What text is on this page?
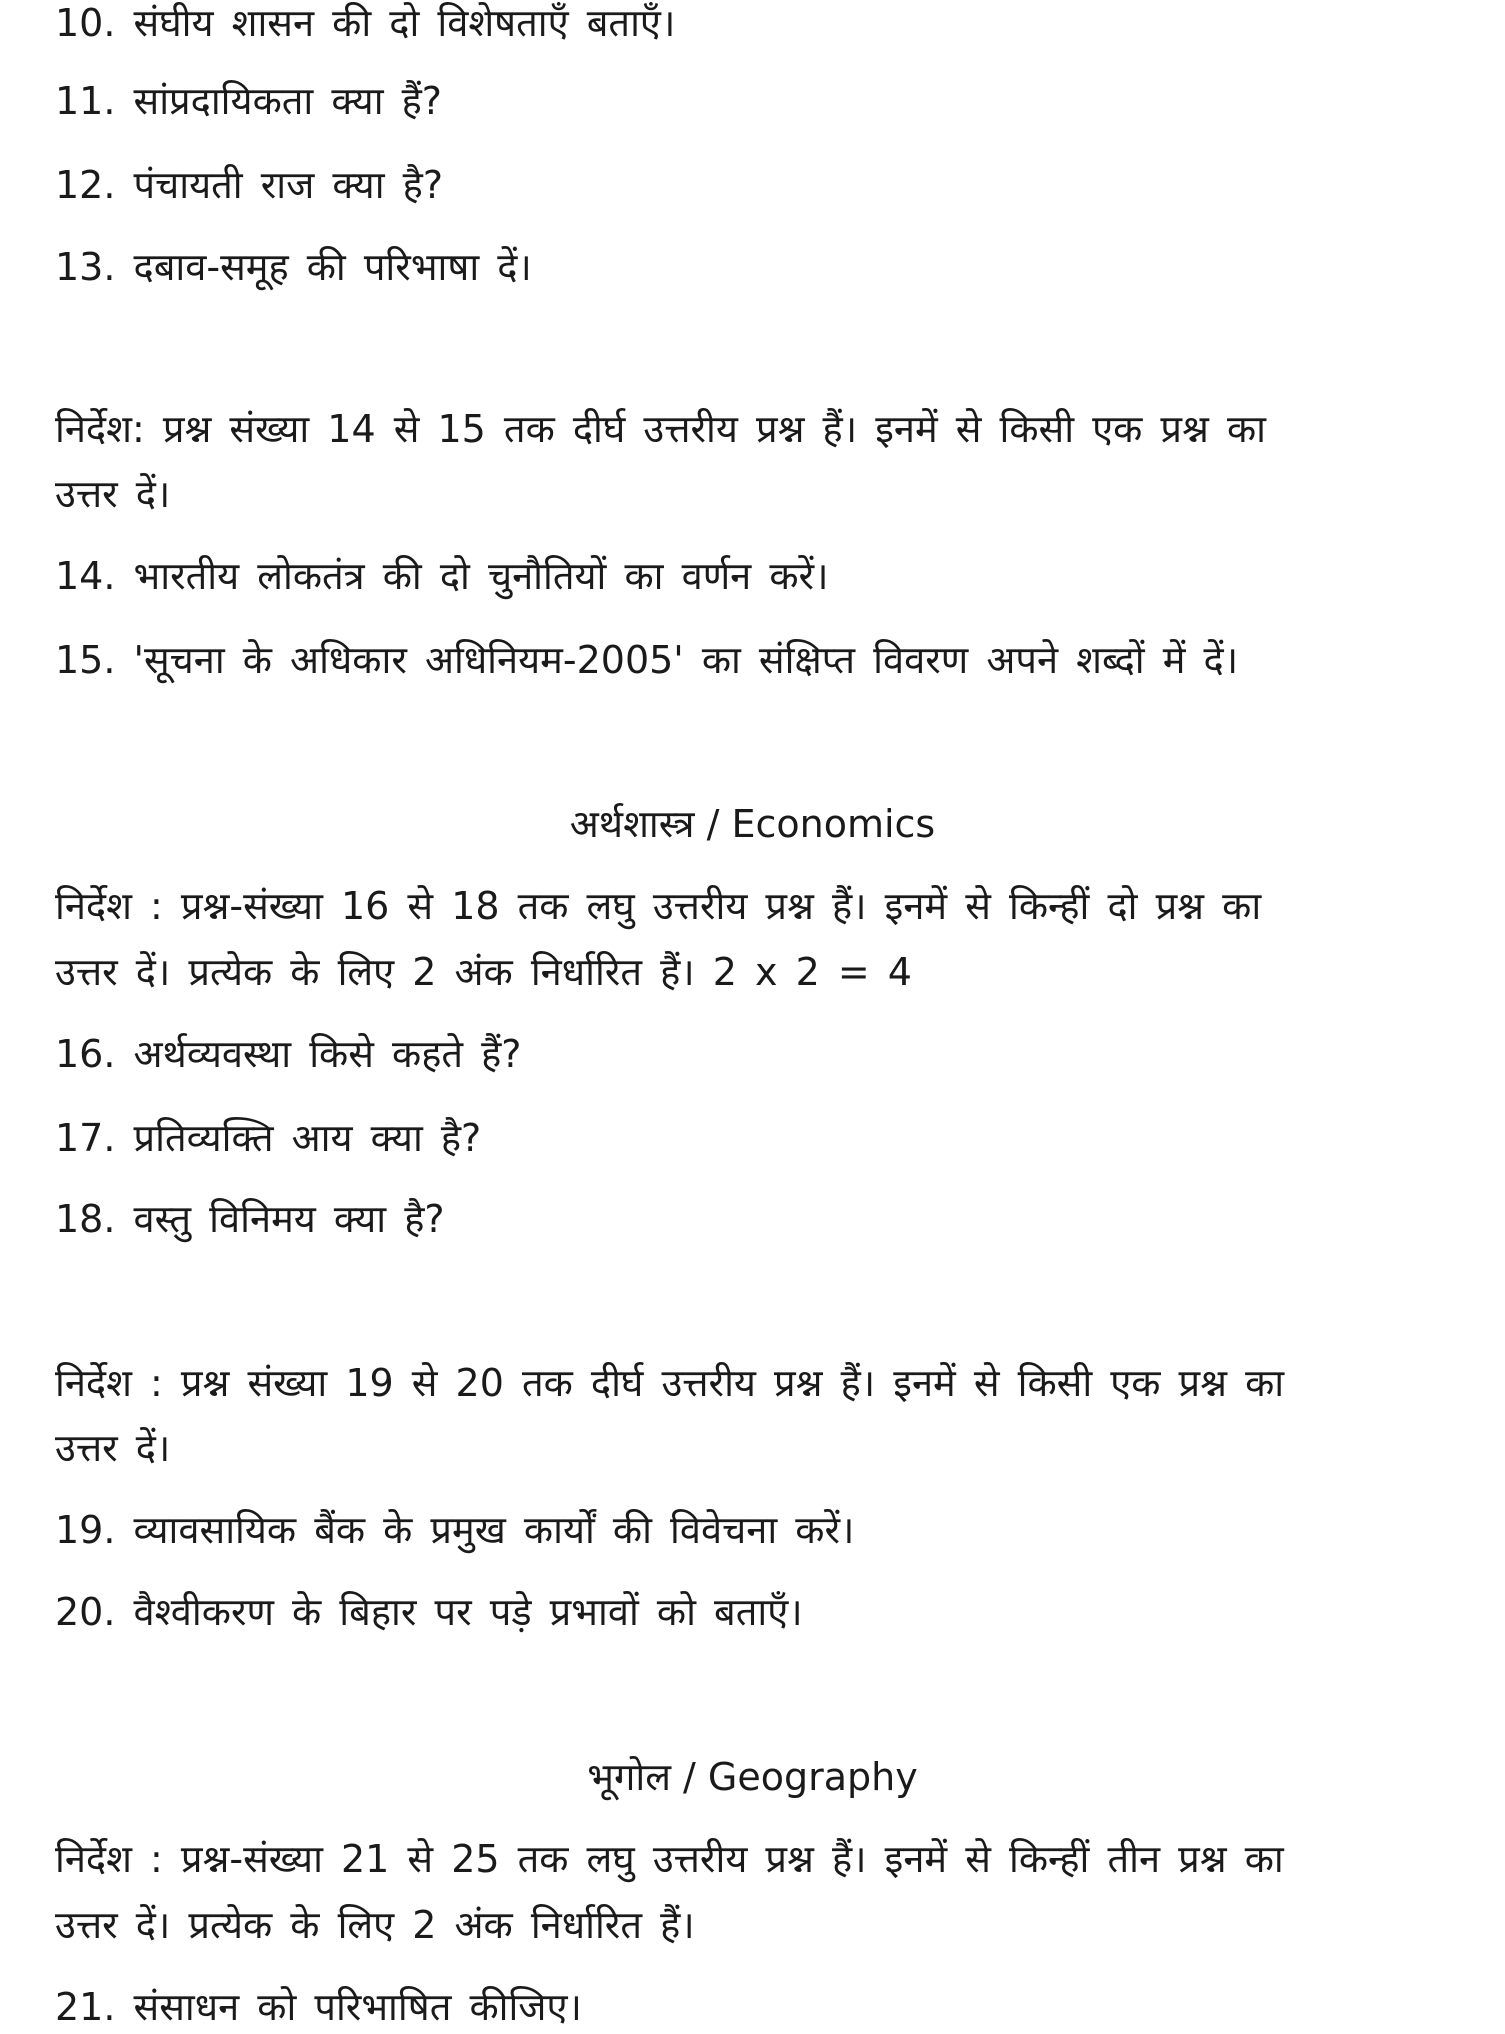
10. संघीय शासन की दो विशेषताएँ बताएँ।
11. सांप्रदायिकता क्या हैं?
12. पंचायती राज क्या है?
13. दबाव-समूह की परिभाषा दें।
निर्देश: प्रश्न संख्या 14 से 15 तक दीर्घ उत्तरीय प्रश्न हैं। इनमें से किसी एक प्रश्न का
उत्तर दें।
14. भारतीय लोकतंत्र की दो चुनौतियों का वर्णन करें।
15. 'सूचना के अधिकार अधिनियम-2005' का संक्षिप्त विवरण अपने शब्दों में दें।
अर्थशास्त्र / Economics
निर्देश : प्रश्न-संख्या 16 से 18 तक लघु उत्तरीय प्रश्न हैं। इनमें से किन्हीं दो प्रश्न का
उत्तर दें। प्रत्येक के लिए 2 अंक निर्धारित हैं। 2 x 2 = 4
16. अर्थव्यवस्था किसे कहते हैं?
17. प्रतिव्यक्ति आय क्या है?
18. वस्तु विनिमय क्या है?
निर्देश : प्रश्न संख्या 19 से 20 तक दीर्घ उत्तरीय प्रश्न हैं। इनमें से किसी एक प्रश्न का
उत्तर दें।
19. व्यावसायिक बैंक के प्रमुख कार्यों की विवेचना करें।
20. वैश्वीकरण के बिहार पर पड़े प्रभावों को बताएँ।
भूगोल / Geography
निर्देश : प्रश्न-संख्या 21 से 25 तक लघु उत्तरीय प्रश्न हैं। इनमें से किन्हीं तीन प्रश्न का
उत्तर दें। प्रत्येक के लिए 2 अंक निर्धारित हैं।
21. संसाधन को परिभाषित कीजिए।
